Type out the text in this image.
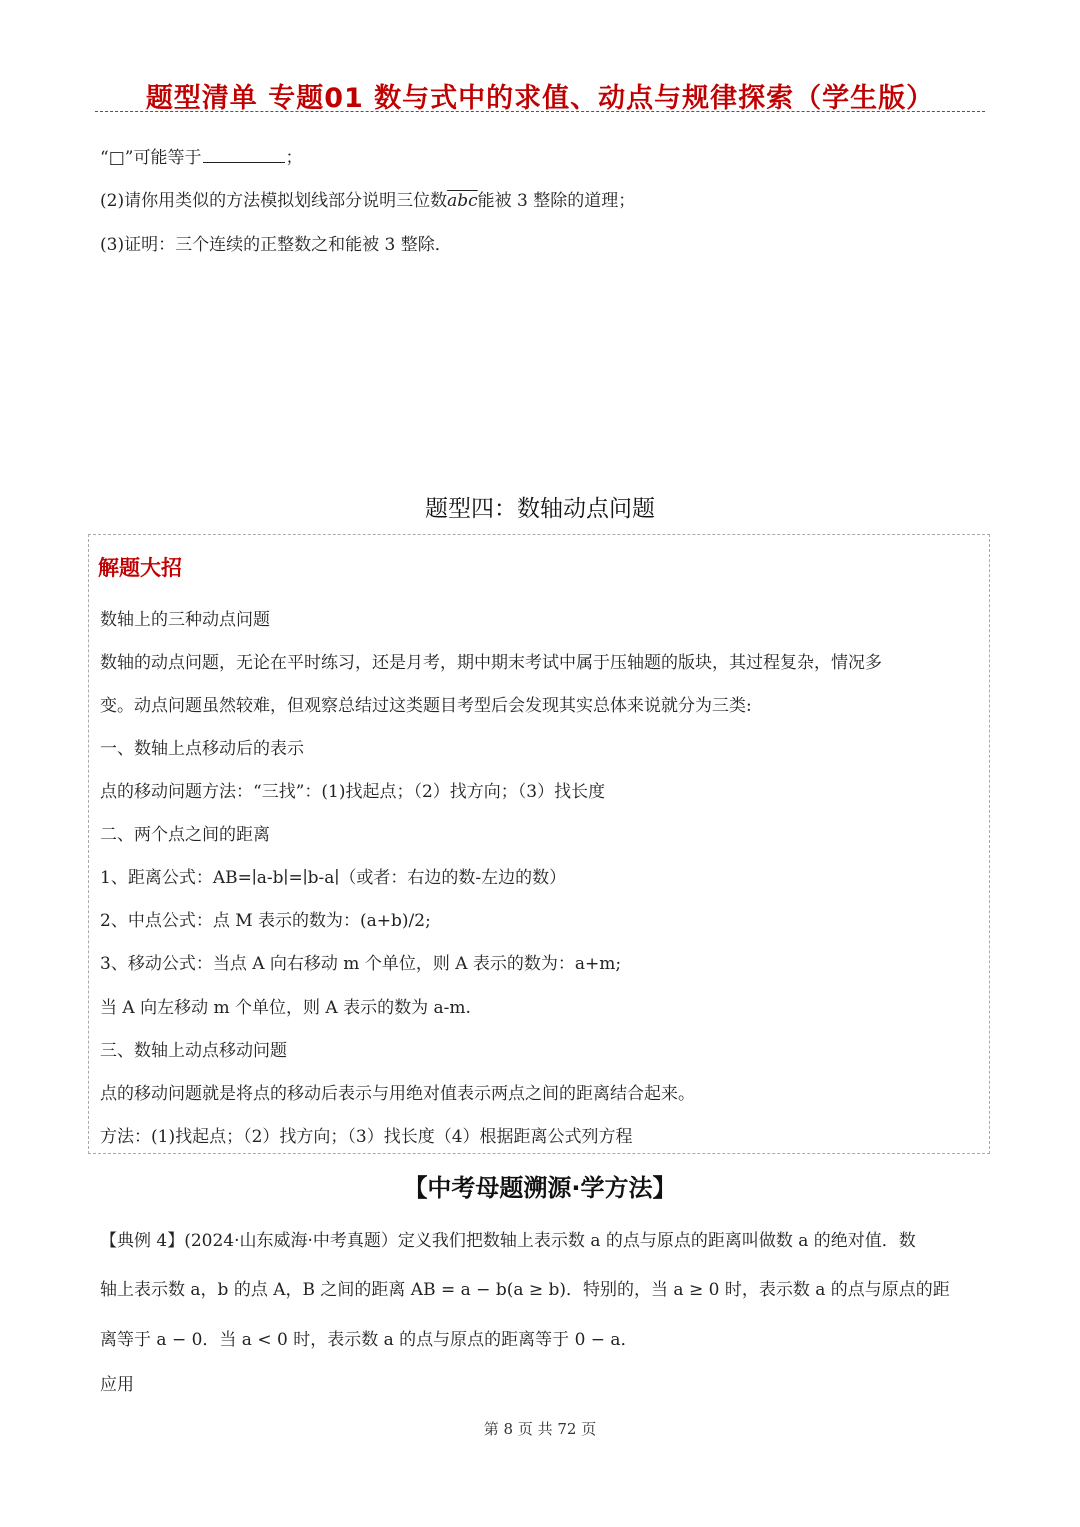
题型清单 专题01 数与式中的求值、动点与规律探索（学生版）
“□”可能等于	；
(2)请你用类似的方法模拟划线部分说明三位数$\overline{abc}$能被 3 整除的道理；
(3)证明：三个连续的正整数之和能被 3 整除．
题型四：数轴动点问题
解题大招
数轴上的三种动点问题
数轴的动点问题，无论在平时练习，还是月考，期中期末考试中属于压轴题的版块，其过程复杂，情况多
变。动点问题虽然较难，但观察总结过这类题目考型后会发现其实总体来说就分为三类:
一、数轴上点移动后的表示
点的移动问题方法：“三找”：(1)找起点；（2）找方向；（3）找长度
二、两个点之间的距离
1、距离公式：AB=∣a-b∣=∣b-a∣（或者：右边的数-左边的数）
2、中点公式：点 M 表示的数为：(a+b)/2;
3、移动公式：当点 A 向右移动 m 个单位，则 A 表示的数为：a+m;
当 A 向左移动 m 个单位，则 A 表示的数为 a-m.
三、数轴上动点移动问题
点的移动问题就是将点的移动后表示与用绝对值表示两点之间的距离结合起来。
方法：(1)找起点；（2）找方向；（3）找长度（4）根据距离公式列方程
【中考母题溯源·学方法】
【典例 4】(2024·山东威海·中考真题）定义我们把数轴上表示数 a 的点与原点的距离叫做数 a 的绝对值．数
轴上表示数 a，b 的点 A，B 之间的距离 AB = a − b(a ≥ b)．特别的，当 a ≥ 0 时，表示数 a 的点与原点的距
离等于 a − 0．当 a < 0 时，表示数 a 的点与原点的距离等于 0 − a．
应用
第 8 页 共 72 页
